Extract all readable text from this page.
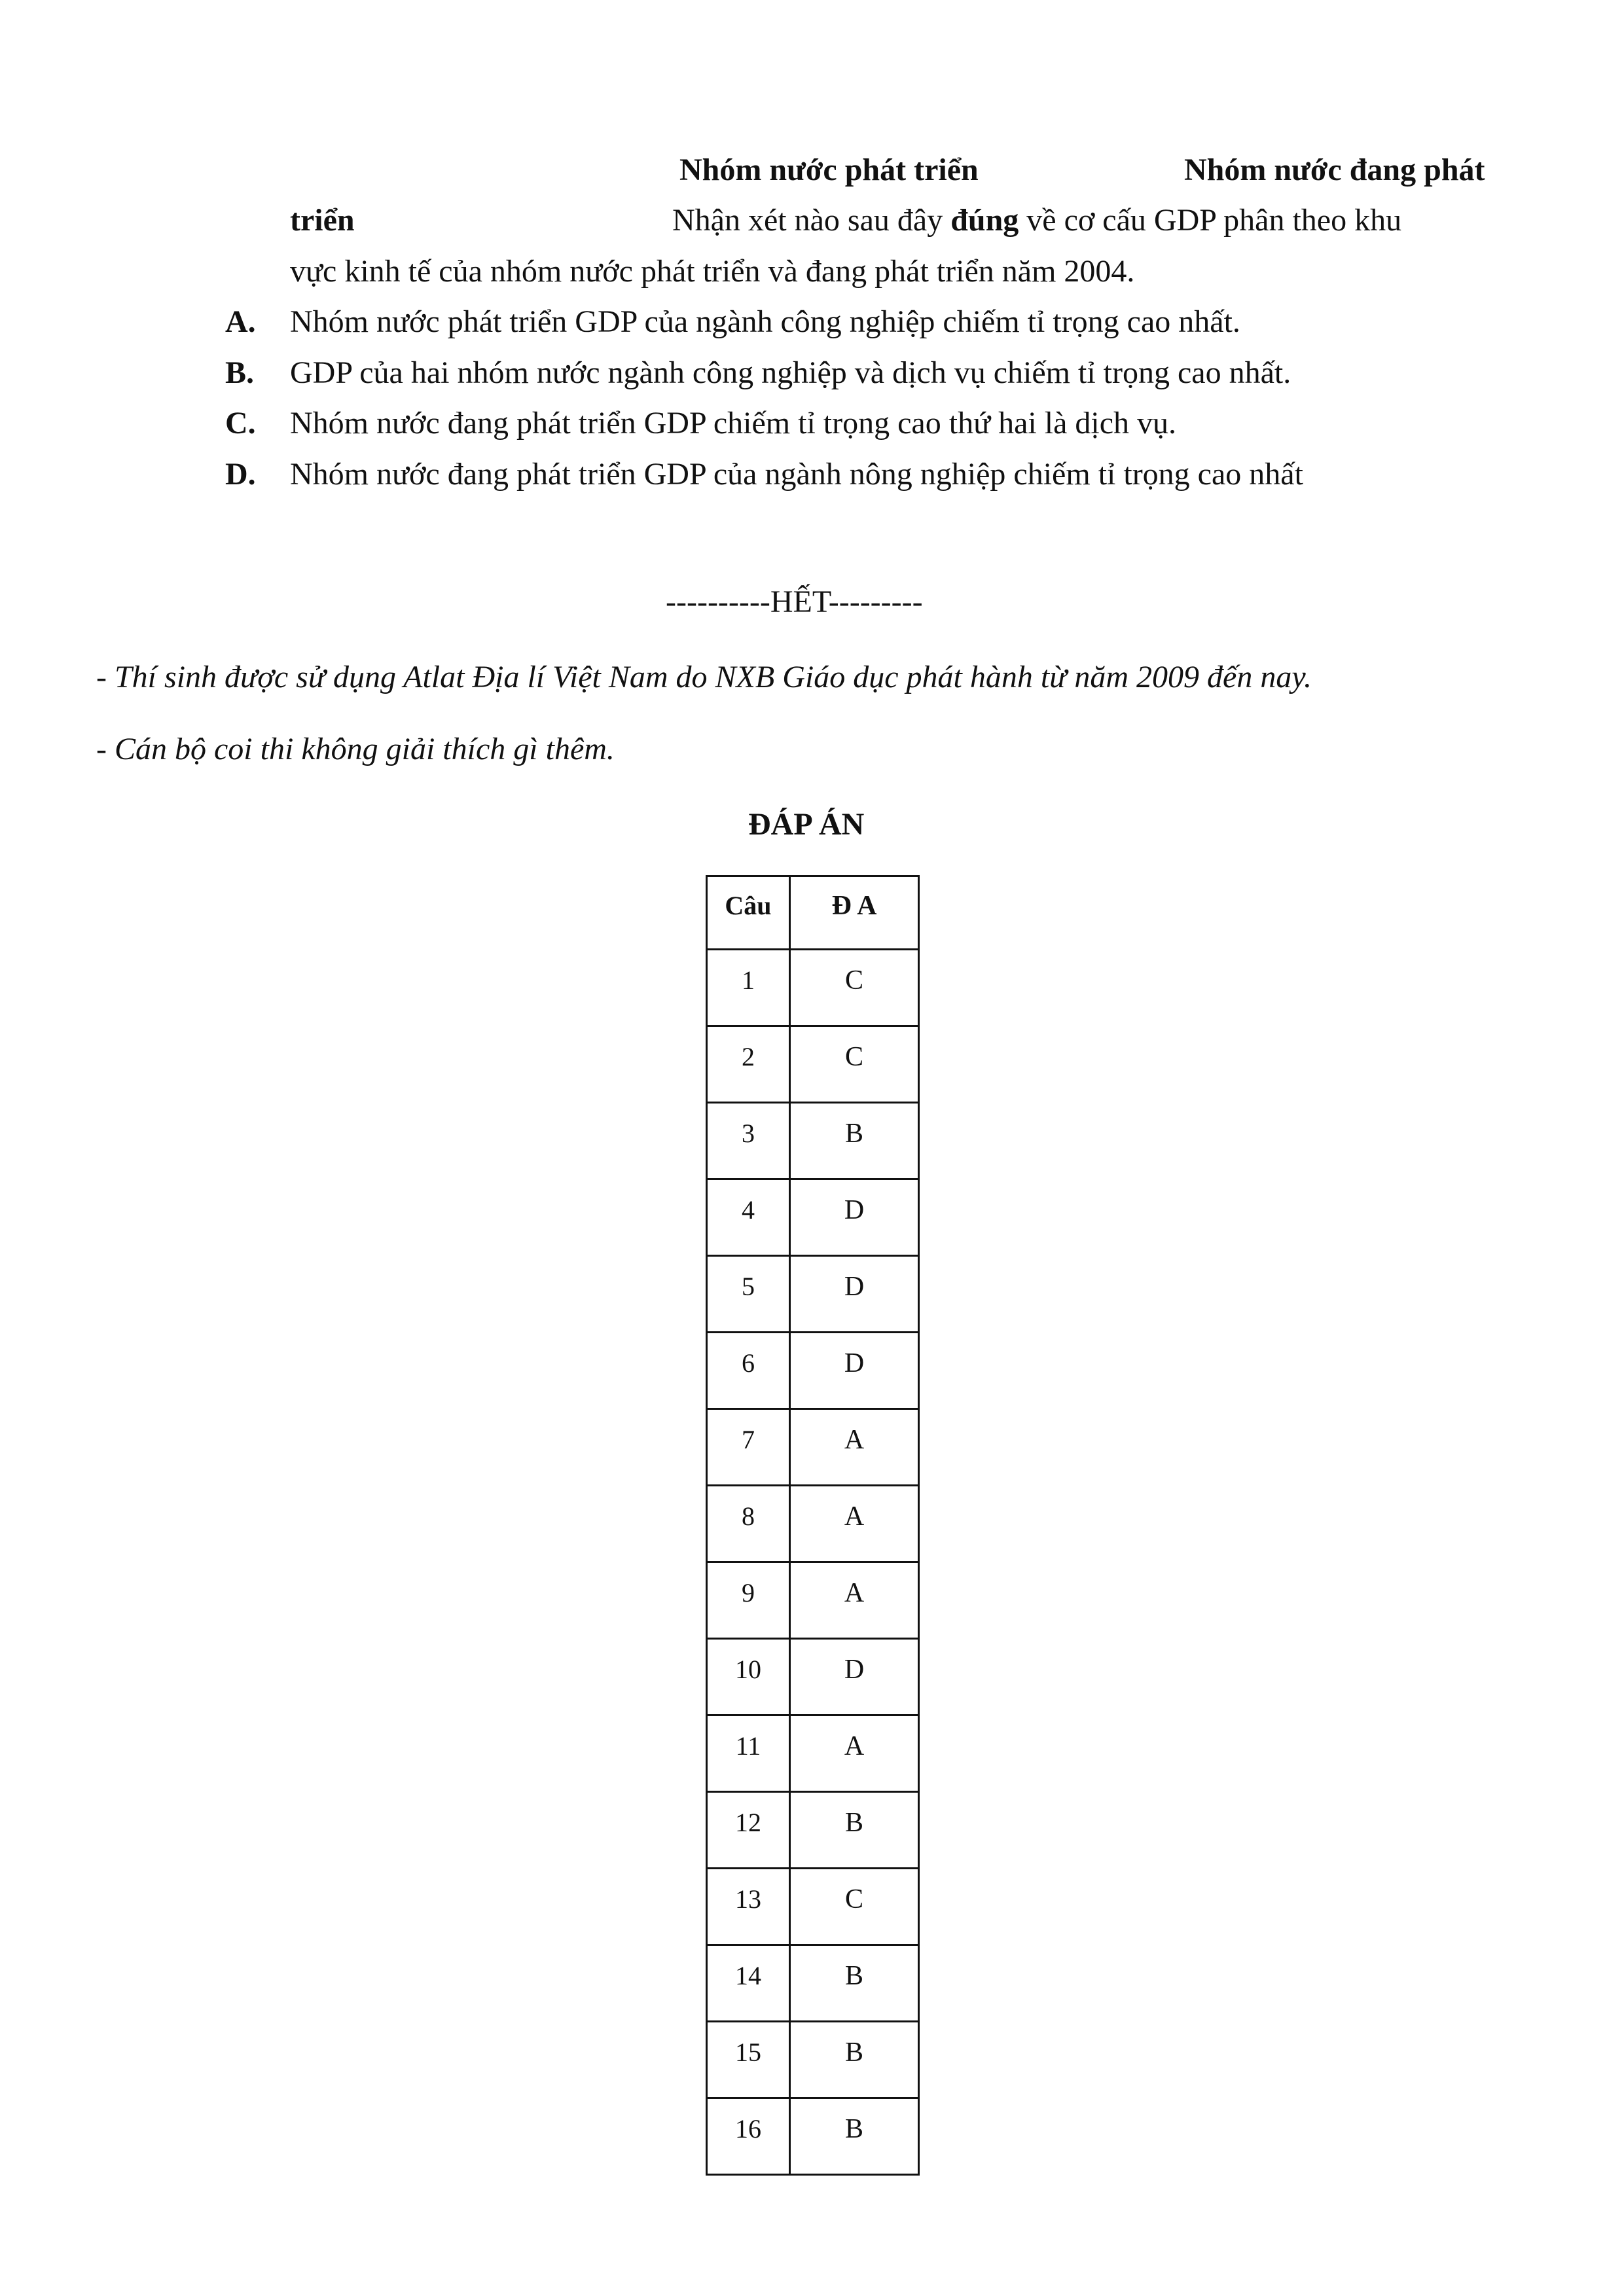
Nhóm nước phát triển	Nhóm nước đang phát
triển	Nhận xét nào sau đây đúng về cơ cấu GDP phân theo khu
vực kinh tế của nhóm nước phát triển và đang phát triển năm 2004.
A. Nhóm nước phát triển GDP của ngành công nghiệp chiếm tỉ trọng cao nhất.
B. GDP của hai nhóm nước ngành công nghiệp và dịch vụ chiếm tỉ trọng cao nhất.
C. Nhóm nước đang phát triển GDP chiếm tỉ trọng cao thứ hai là dịch vụ.
D. Nhóm nước đang phát triển GDP của ngành nông nghiệp chiếm tỉ trọng cao nhất
----------HẾT---------
- Thí sinh được sử dụng Atlat Địa lí Việt Nam do NXB Giáo dục phát hành từ năm 2009 đến nay.
- Cán bộ coi thi không giải thích gì thêm.
ĐÁP ÁN
Câu	Đ A
1	C
2	C
3	B
4	D
5	D
6	D
7	A
8	A
9	A
10	D
11	A
12	B
13	C
14	B
15	B
16	B
